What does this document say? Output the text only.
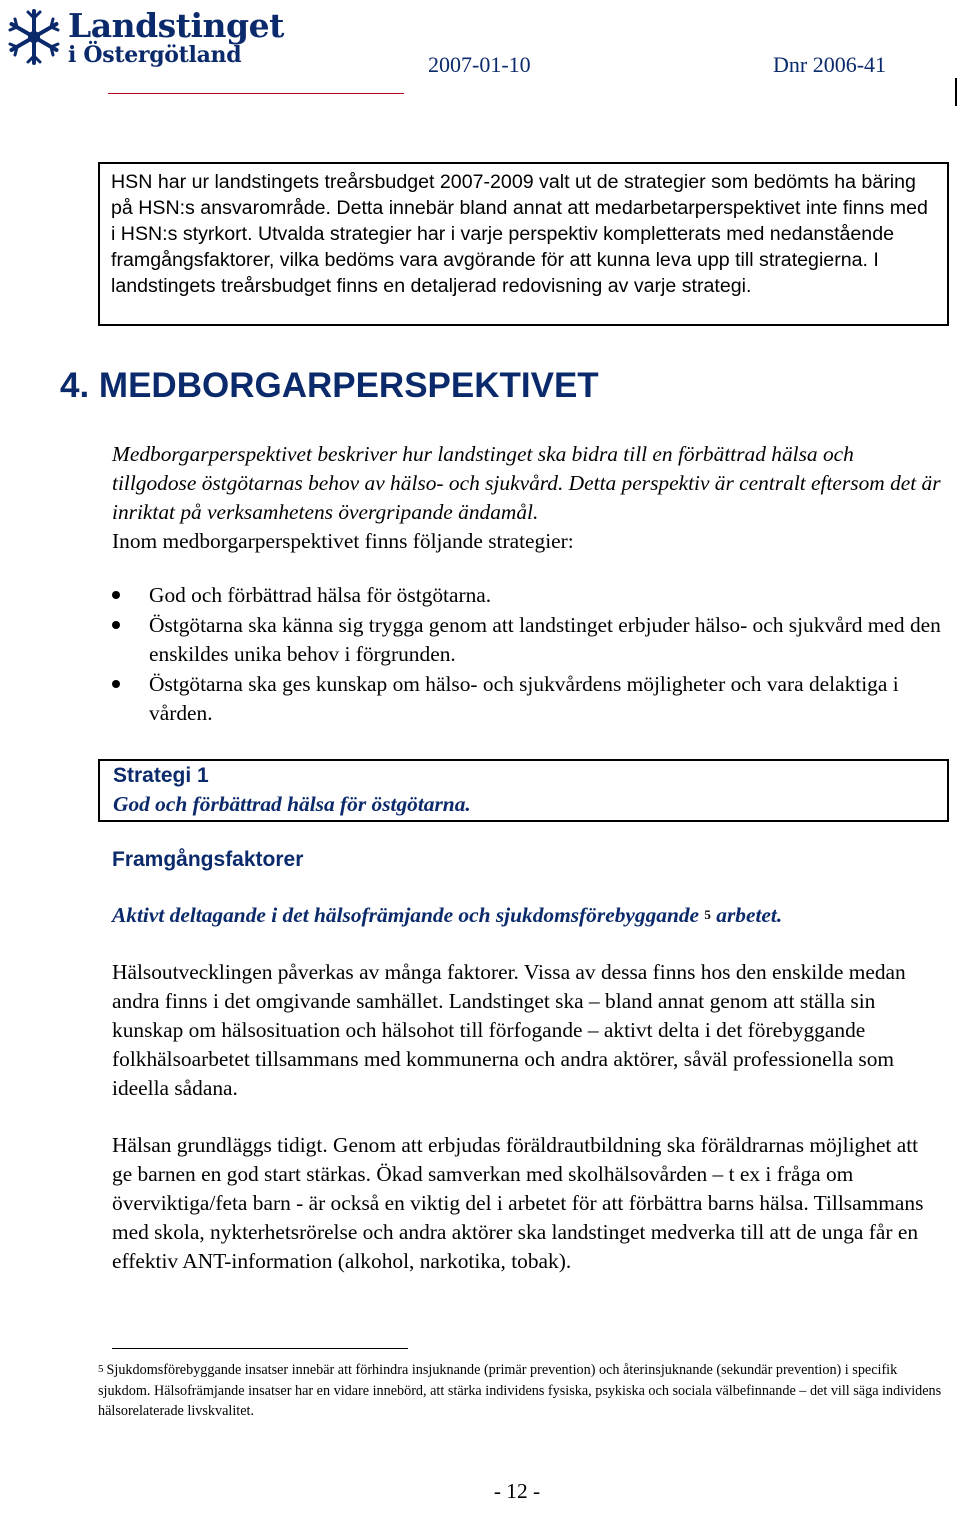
Landstinget
i Östergötland	2007-01-10	Dnr 2006-41
HSN har ur landstingets treårsbudget 2007-2009 valt ut de strategier som bedömts ha bäring på HSN:s ansvarområde. Detta innebär bland annat att medarbetarperspektivet inte finns med i HSN:s styrkort. Utvalda strategier har i varje perspektiv kompletterats med nedanstående framgångsfaktorer, vilka bedöms vara avgörande för att kunna leva upp till strategierna. I landstingets treårsbudget finns en detaljerad redovisning av varje strategi.
4. MEDBORGARPERSPEKTIVET
Medborgarperspektivet beskriver hur landstinget ska bidra till en förbättrad hälsa och tillgodose östgötarnas behov av hälso- och sjukvård. Detta perspektiv är centralt eftersom det är inriktat på verksamhetens övergripande ändamål.
Inom medborgarperspektivet finns följande strategier:
God och förbättrad hälsa för östgötarna.
Östgötarna ska känna sig trygga genom att landstinget erbjuder hälso- och sjukvård med den enskildes unika behov i förgrunden.
Östgötarna ska ges kunskap om hälso- och sjukvårdens möjligheter och vara delaktiga i vården.
Strategi 1
God och förbättrad hälsa för östgötarna.
Framgångsfaktorer
Aktivt deltagande i det hälsofrämjande och sjukdomsförebyggande $^5$ arbetet.
Hälsoutvecklingen påverkas av många faktorer. Vissa av dessa finns hos den enskilde medan andra finns i det omgivande samhället. Landstinget ska – bland annat genom att ställa sin kunskap om hälsosituation och hälsohot till förfogande – aktivt delta i det förebyggande folkhälsoarbetet tillsammans med kommunerna och andra aktörer, såväl professionella som ideella sådana.
Hälsan grundläggs tidigt. Genom att erbjudas föräldrautbildning ska föräldrarnas möjlighet att ge barnen en god start stärkas. Ökad samverkan med skolhälsovården – t ex i fråga om överviktiga/feta barn - är också en viktig del i arbetet för att förbättra barns hälsa. Tillsammans med skola, nykterhetsrörelse och andra aktörer ska landstinget medverka till att de unga får en effektiv ANT-information (alkohol, narkotika, tobak).
$^5$ Sjukdomsförebyggande insatser innebär att förhindra insjuknande (primär prevention) och återinsjuknande (sekundär prevention) i specifik sjukdom. Hälsofrämjande insatser har en vidare innebörd, att stärka individens fysiska, psykiska och sociala välbefinnande – det vill säga individens hälsorelaterade livskvalitet.
- 12 -
